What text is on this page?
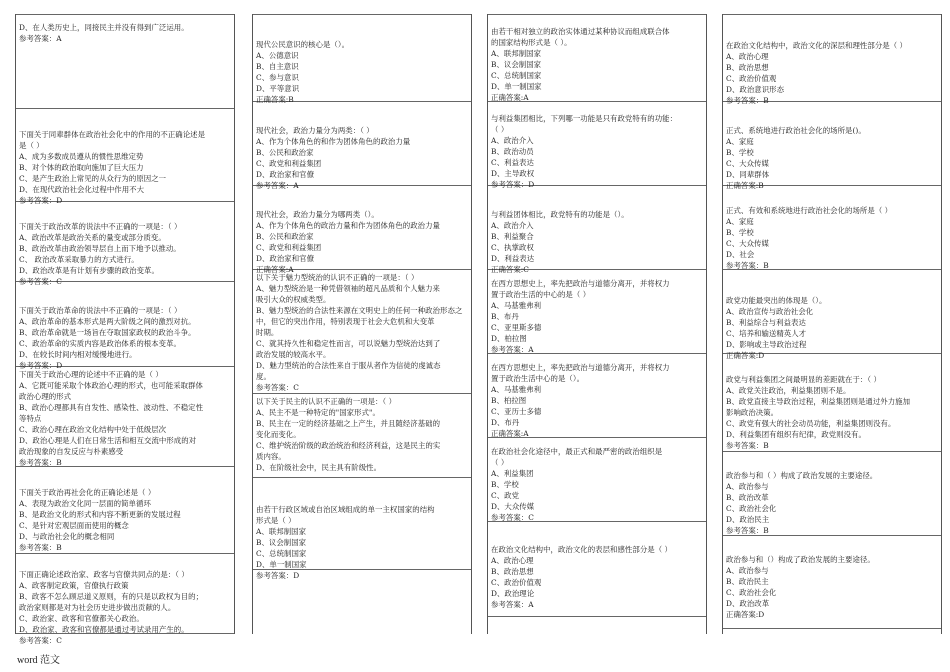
D、在人类历史上，同接民主并没有得到广泛运用。
参考答案：A
下面关于同辈群体在政治社会化中的作用的不正确论述是
是（ ）
A、成为多数成员遵从的惯性思维定势
B、对个体的政治取向施加了巨大压力
C、是产生政治上常见的从众行为的原因之一
D、在现代政治社会化过程中作用不大
参考答案：D
下面关于政治改革的说法中不正确的一项是：（ ）
A、政治改革是政治关系的量变或部分质变。
B、政治改革由政治领导层自上而下地予以推动。
C、 政治改革采取暴力的方式进行。
D、政治改革是有计划有步骤的政治变革。
参考答案：C
下面关于政治革命的说法中不正确的一项是：（ ）
A、政治革命的基本形式是两大阶级之间的激烈对抗。
B、政治革命就是一场旨在夺取国家政权的政治斗争。
C、政治革命的实质内容是政治体系的根本变革。
D、在较长时间内相对缓慢地进行。
参考答案：D
下面关于政治心理的论述中不正确的是（ ）
A、它既可能采取个体政治心理的形式，也可能采取群体
政治心理的形式
B、政治心理都具有自发性、感染性、波动性、不稳定性
等特点
C、政治心理在政治文化结构中处于低级层次
D、政治心理是人们在日常生活和相互交流中形成的对
政治现象的自发反应与朴素感受
参考答案：B
下面关于政治再社会化的正确论述是（ ）
A、表现为政治文化同一层面的简单循环
B、是政治文化的形式和内容不断更新的发展过程
C、是针对宏观层面而使用的概念
D、与政治社会化的概念相同
参考答案：B
下面正确论述政治家、政客与官僚共同点的是：（ ）
A、政客制定政策，官僚执行政策
B、政客不怎么顾忌道义原则，有的只是以政权为目的；
政治家则都是对为社会历史进步做出贡献的人。
C、政治家、政客和官僚都关心政治。
D、政治家、政客和官僚都是通过考试录用产生的。
参考答案：C
现代公民意识的核心是（）。
A、公德意识
B、自主意识
C、参与意识
D、平等意识
正确答案:B
现代社会，政治力量分为两类：（ ）
A、作为个体角色的和作为团体角色的政治力量
B、公民和政治家
C、政党和利益集团
D、政治家和官僚
参考答案：A
现代社会，政治力量分为哪两类（）。
A、作为个体角色的政治力量和作为团体角色的政治力量
B、公民和政治家
C、政党和利益集团
D、政治家和官僚
正确答案:A
以下关于魅力型统治的认识不正确的一项是：（ ）
A、魅力型统治是一种凭借领袖的超凡品质和个人魅力来
吸引大众的权威类型。
B、魅力型统治的合法性来源在文明史上的任何一种政治形态之
中，但它的突出作用，特别表现于社会大危机和大变革
时期。
C、就其持久性和稳定性而言，可以说魅力型统治达到了
政治发展的较高水平。
D、魅力型统治的合法性来自于服从者作为信徒的虔诚态
度。
参考答案：C
以下关于民主的认识不正确的一项是：（ ）
A、民主不是一种特定的"国家形式"。
B、民主在一定的经济基础之上产生，并且随经济基础的
变化而变化。
C、维护统治阶级的政治统治和经济利益，这是民主的实
质内容。
D、在阶级社会中，民主具有阶级性。
由若干行政区域或自治区域组成的单一主权国家的结构
形式是（ ）
A、联邦制国家
B、议会制国家
C、总统制国家
D、单一制国家
参考答案：D
由若干相对独立的政治实体通过某种协议而组成联合体
的国家结构形式是（ ）。
A、联邦制国家
B、议会制国家
C、总统制国家
D、单一制国家
正确答案:A
与利益集团相比，下列哪一功能是只有政党特有的功能：
（ ）
A、政治介入
B、政治动员
C、利益表达
D、主导政权
参考答案：D
与利益团体相比，政党特有的功能是（）。
A、政治介入
B、利益聚合
C、执掌政权
D、利益表达
正确答案:C
在西方思想史上，率先把政治与道德分离开，并将权力
置于政治生活的中心的是（ ）
A、马基雅弗利
B、布丹
C、亚里斯多德
D、柏拉图
参考答案：A
在西方思想史上，率先把政治与道德分离开，并将权力
置于政治生活中心的是（）。
A、马基雅弗利
B、柏拉图
C、亚历士多德
D、布丹
正确答案:A
在政治社会化途径中，最正式和最严密的政治组织是
（ ）
A、利益集团
B、学校
C、政党
D、大众传媒
参考答案：C
在政治文化结构中，政治文化的表层和感性部分是（ ）
A、政治心理
B、政治思想
C、政治价值观
D、政治理论
参考答案：A
在政治文化结构中，政治文化的深层和理性部分是（ ）
A、政治心理
B、政治思想
C、政治价值观
D、政治意识形态
参考答案：B
正式、系统地进行政治社会化的场所是()。
A、家庭
B、学校
C、大众传媒
D、同辈群体
正确答案:B
正式、有效和系统地进行政治社会化的场所是（ ）
A、家庭
B、学校
C、大众传媒
D、社会
参考答案：B
政党功能最突出的体现是（）。
A、政治宣传与政治社会化
B、利益综合与利益表达
C、培养和输送精英人才
D、影响或主导政治过程
正确答案:D
政党与利益集团之间最明显的差距就在于：（ ）
A、政党关注政治，利益集团则不是。
B、政党直接主导政治过程，利益集团则是通过外力施加
影响政治决策。
C、政党有强大的社会动员功能，利益集团则没有。
D、利益集团有组织有纪律，政党则没有。
参考答案：B
政治参与和（ ）构成了政治发展的主要途径。
A、政治参与
B、政治改革
C、政治社会化
D、政治民主
参考答案：B
政治参与和（）构成了政治发展的主要途径。
A、政治参与
B、政治民主
C、政治社会化
D、政治改革
正确答案:D
word 范文
